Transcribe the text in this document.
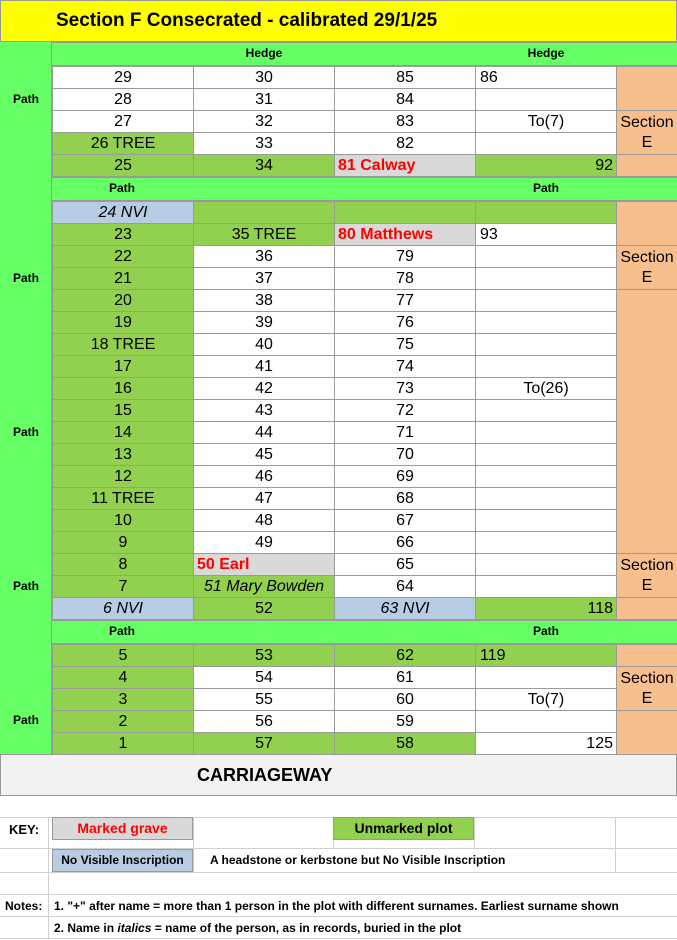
Section F Consecrated - calibrated 29/1/25
Path
Path
Path
Path
Path
Hedge	Hedge
29	30	85	86	
28	31	84		
27	32	83	To(7)	Section
E

26 TREE	33	82		
25	34	81 Calway	92	
Path	Path
24 NVI				
23	35 TREE	80 Matthews	93	
22	36	79		Section
E

21	37	78		
20	38	77		
19	39	76		
18 TREE	40	75		
17	41	74		
16	42	73	To(26)	
15	43	72		
14	44	71		
13	45	70		
12	46	69		
11 TREE	47	68		
10	48	67		
9	49	66		
8	50 Earl	65		Section
E

7	51 Mary Bowden	64		
6 NVI	52	63 NVI	118	
Path	Path
5	53	62	119	
4	54	61		Section
E

3	55	60	To(7)	
2	56	59		
1	57	58	125	
CARRIAGEWAY
KEY:	Marked grave	Unmarked plot
No Visible Inscription	A headstone or kerbstone but No Visible Inscription
Notes: 1. "+" after name = more than 1 person in the plot with different surnames. Earliest surname shown
2. Name in italics = name of the person, as in records, buried in the plot
